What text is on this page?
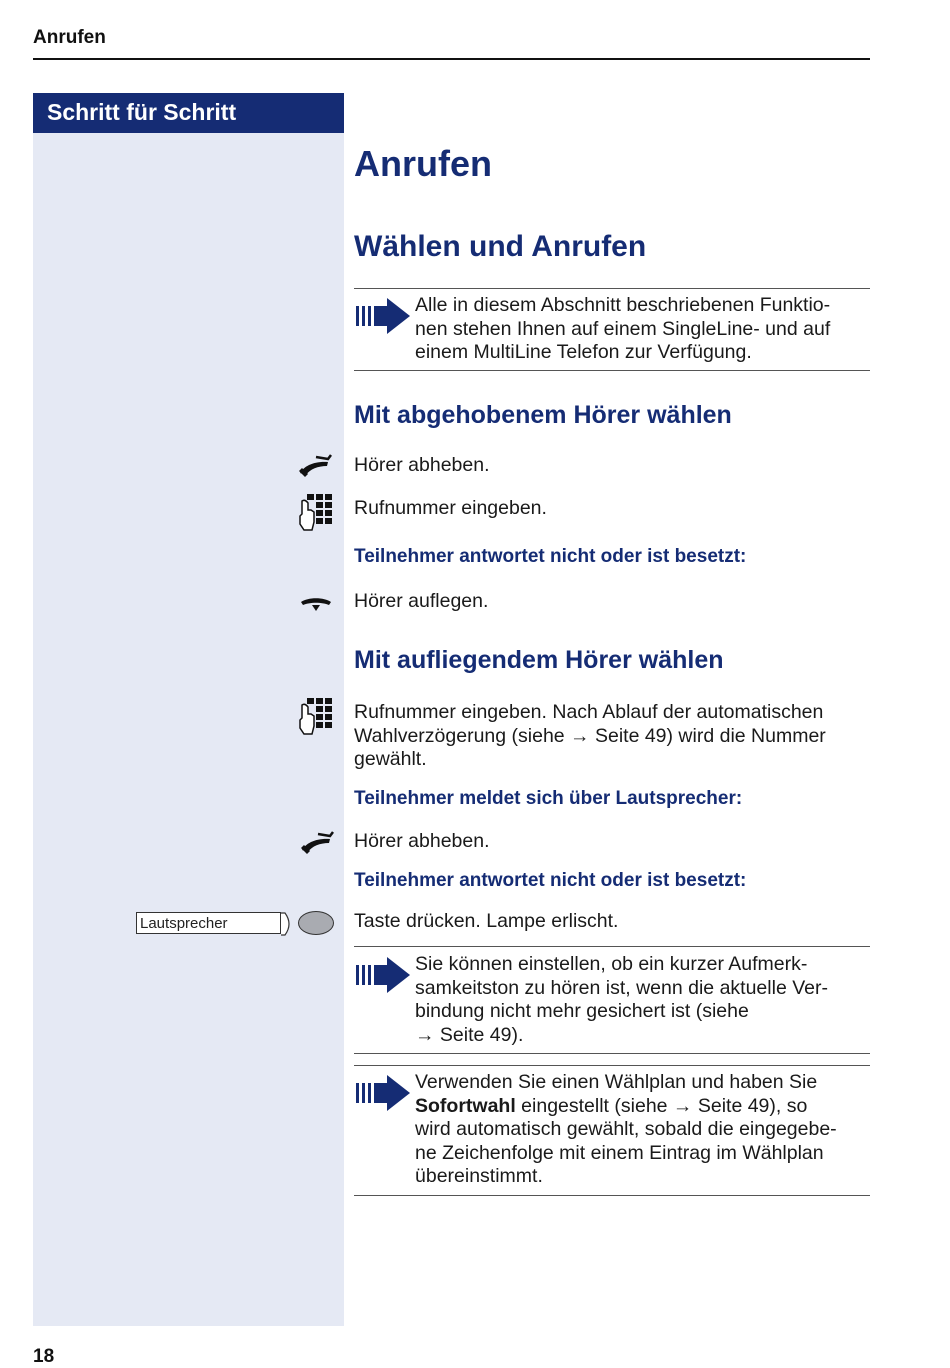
Anrufen
Schritt für Schritt
18
Anrufen
Wählen und Anrufen
Alle in diesem Abschnitt beschriebenen Funktio-
nen stehen Ihnen auf einem SingleLine- und auf
einem MultiLine Telefon zur Verfügung.
Mit abgehobenem Hörer wählen
Hörer abheben.
Rufnummer eingeben.
Teilnehmer antwortet nicht oder ist besetzt:
Hörer auflegen.
Mit aufliegendem Hörer wählen
Rufnummer eingeben. Nach Ablauf der automatischen
Wahlverzögerung (siehe → Seite 49) wird die Nummer
gewählt.
Teilnehmer meldet sich über Lautsprecher:
Hörer abheben.
Teilnehmer antwortet nicht oder ist besetzt:
Lautsprecher	Taste drücken. Lampe erlischt.
Sie können einstellen, ob ein kurzer Aufmerk-
samkeitston zu hören ist, wenn die aktuelle Ver-
bindung nicht mehr gesichert ist (siehe
→ Seite 49).
Verwenden Sie einen Wählplan und haben Sie
Sofortwahl eingestellt (siehe → Seite 49), so
wird automatisch gewählt, sobald die eingegebe-
ne Zeichenfolge mit einem Eintrag im Wählplan
übereinstimmt.
